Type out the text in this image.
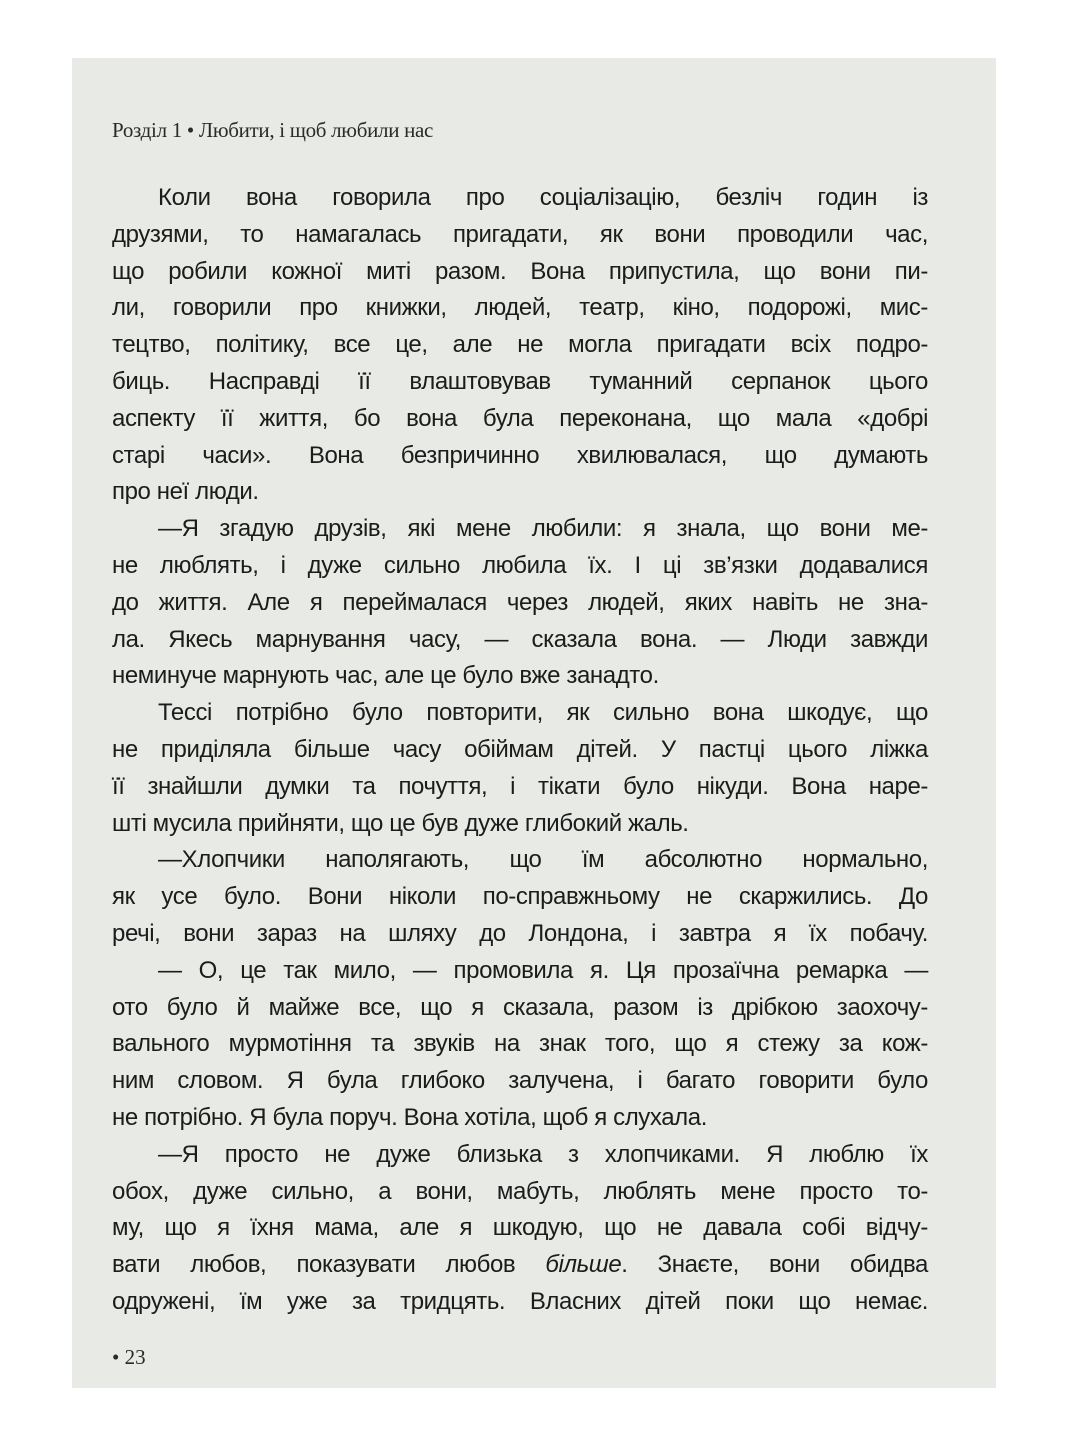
Розділ 1 • Любити, і щоб любили нас
Коли вона говорила про соціалізацію, безліч годин із
друзями, то намагалась пригадати, як вони проводили час,
що робили кожної миті разом. Вона припустила, що вони пи-
ли, говорили про книжки, людей, театр, кіно, подорожі, мис-
тецтво, політику, все це, але не могла пригадати всіх подро-
биць. Насправді її влаштовував туманний серпанок цього
аспекту її життя, бо вона була переконана, що мала «добрі
старі часи». Вона безпричинно хвилювалася, що думають
про неї люди.
—Я згадую друзів, які мене любили: я знала, що вони ме-
не люблять, і дуже сильно любила їх. І ці зв’язки додавалися
до життя. Але я переймалася через людей, яких навіть не зна-
ла. Якесь марнування часу, — сказала вона. — Люди завжди
неминуче марнують час, але це було вже занадто.
Тессі потрібно було повторити, як сильно вона шкодує, що
не приділяла більше часу обіймам дітей. У пастці цього ліжка
її знайшли думки та почуття, і тікати було нікуди. Вона наре-
шті мусила прийняти, що це був дуже глибокий жаль.
—Хлопчики наполягають, що їм абсолютно нормально,
як усе було. Вони ніколи по-справжньому не скаржились. До
речі, вони зараз на шляху до Лондона, і завтра я їх побачу.
— О, це так мило, — промовила я. Ця прозаїчна ремарка —
ото було й майже все, що я сказала, разом із дрібкою заохочу-
вального мурмотіння та звуків на знак того, що я стежу за кож-
ним словом. Я була глибоко залучена, і багато говорити було
не потрібно. Я була поруч. Вона хотіла, щоб я слухала.
—Я просто не дуже близька з хлопчиками. Я люблю їх
обох, дуже сильно, а вони, мабуть, люблять мене просто то-
му, що я їхня мама, але я шкодую, що не давала собі відчу-
вати любов, показувати любов більше. Знаєте, вони обидва
одружені, їм уже за тридцять. Власних дітей поки що немає.
• 23
